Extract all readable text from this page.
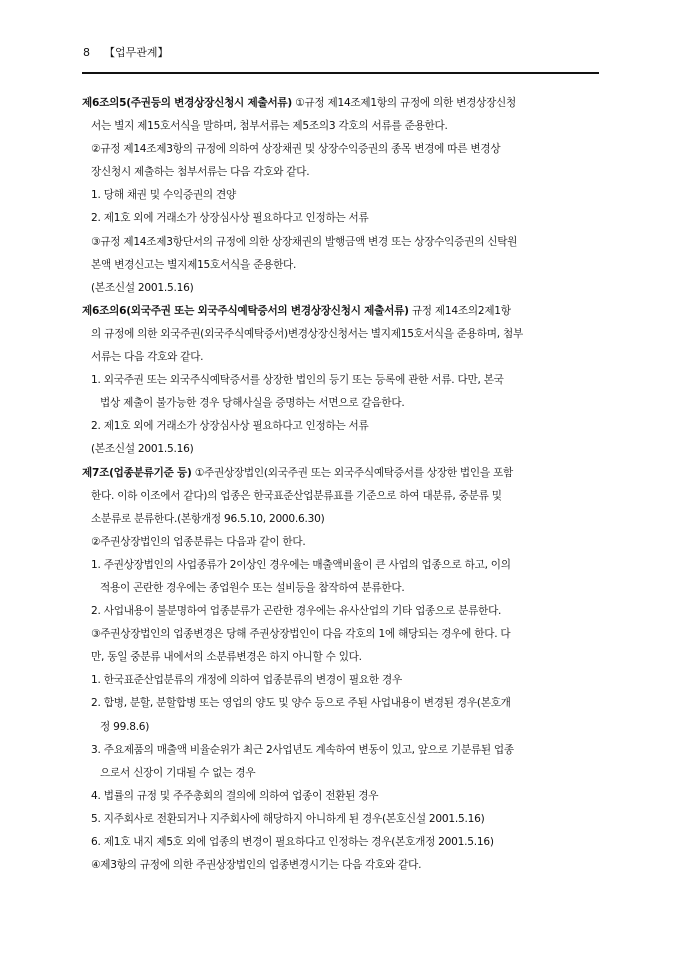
8 【업무관계】
제6조의5(주권등의 변경상장신청시 제출서류) ①규정 제14조제1항의 규정에 의한 변경상장신청
서는 별지 제15호서식을 말하며, 첨부서류는 제5조의3 각호의 서류를 준용한다.
②규정 제14조제3항의 규정에 의하여 상장채권 및 상장수익증권의 종목 변경에 따른 변경상
장신청시 제출하는 첨부서류는 다음 각호와 같다.
1. 당해 채권 및 수익증권의 견양
2. 제1호 외에 거래소가 상장심사상 필요하다고 인정하는 서류
③규정 제14조제3항단서의 규정에 의한 상장채권의 발행금액 변경 또는 상장수익증권의 신탁원
본액 변경신고는 별지제15호서식을 준용한다.
(본조신설 2001.5.16)
제6조의6(외국주권 또는 외국주식예탁증서의 변경상장신청시 제출서류) 규정 제14조의2제1항
의 규정에 의한 외국주권(외국주식예탁증서)변경상장신청서는 별지제15호서식을 준용하며, 첨부
서류는 다음 각호와 같다.
1. 외국주권 또는 외국주식예탁증서를 상장한 법인의 등기 또는 등록에 관한 서류. 다만, 본국
법상 제출이 불가능한 경우 당해사실을 증명하는 서면으로 갈음한다.
2. 제1호 외에 거래소가 상장심사상 필요하다고 인정하는 서류
(본조신설 2001.5.16)
제7조(업종분류기준 등) ①주권상장법인(외국주권 또는 외국주식예탁증서를 상장한 법인을 포함
한다. 이하 이조에서 같다)의 업종은 한국표준산업분류표를 기준으로 하여 대분류, 중분류 및
소분류로 분류한다.(본항개정 96.5.10, 2000.6.30)
②주권상장법인의 업종분류는 다음과 같이 한다.
1. 주권상장법인의 사업종류가 2이상인 경우에는 매출액비율이 큰 사업의 업종으로 하고, 이의
적용이 곤란한 경우에는 종업원수 또는 설비등을 참작하여 분류한다.
2. 사업내용이 불분명하여 업종분류가 곤란한 경우에는 유사산업의 기타 업종으로 분류한다.
③주권상장법인의 업종변경은 당해 주권상장법인이 다음 각호의 1에 해당되는 경우에 한다. 다
만, 동일 중분류 내에서의 소분류변경은 하지 아니할 수 있다.
1. 한국표준산업분류의 개정에 의하여 업종분류의 변경이 필요한 경우
2. 합병, 분할, 분할합병 또는 영업의 양도 및 양수 등으로 주된 사업내용이 변경된 경우(본호개
정 99.8.6)
3. 주요제품의 매출액 비율순위가 최근 2사업년도 계속하여 변동이 있고, 앞으로 기분류된 업종
으로서 신장이 기대될 수 없는 경우
4. 법률의 규정 및 주주총회의 결의에 의하여 업종이 전환된 경우
5. 지주회사로 전환되거나 지주회사에 해당하지 아니하게 된 경우(본호신설 2001.5.16)
6. 제1호 내지 제5호 외에 업종의 변경이 필요하다고 인정하는 경우(본호개정 2001.5.16)
④제3항의 규정에 의한 주권상장법인의 업종변경시기는 다음 각호와 같다.
